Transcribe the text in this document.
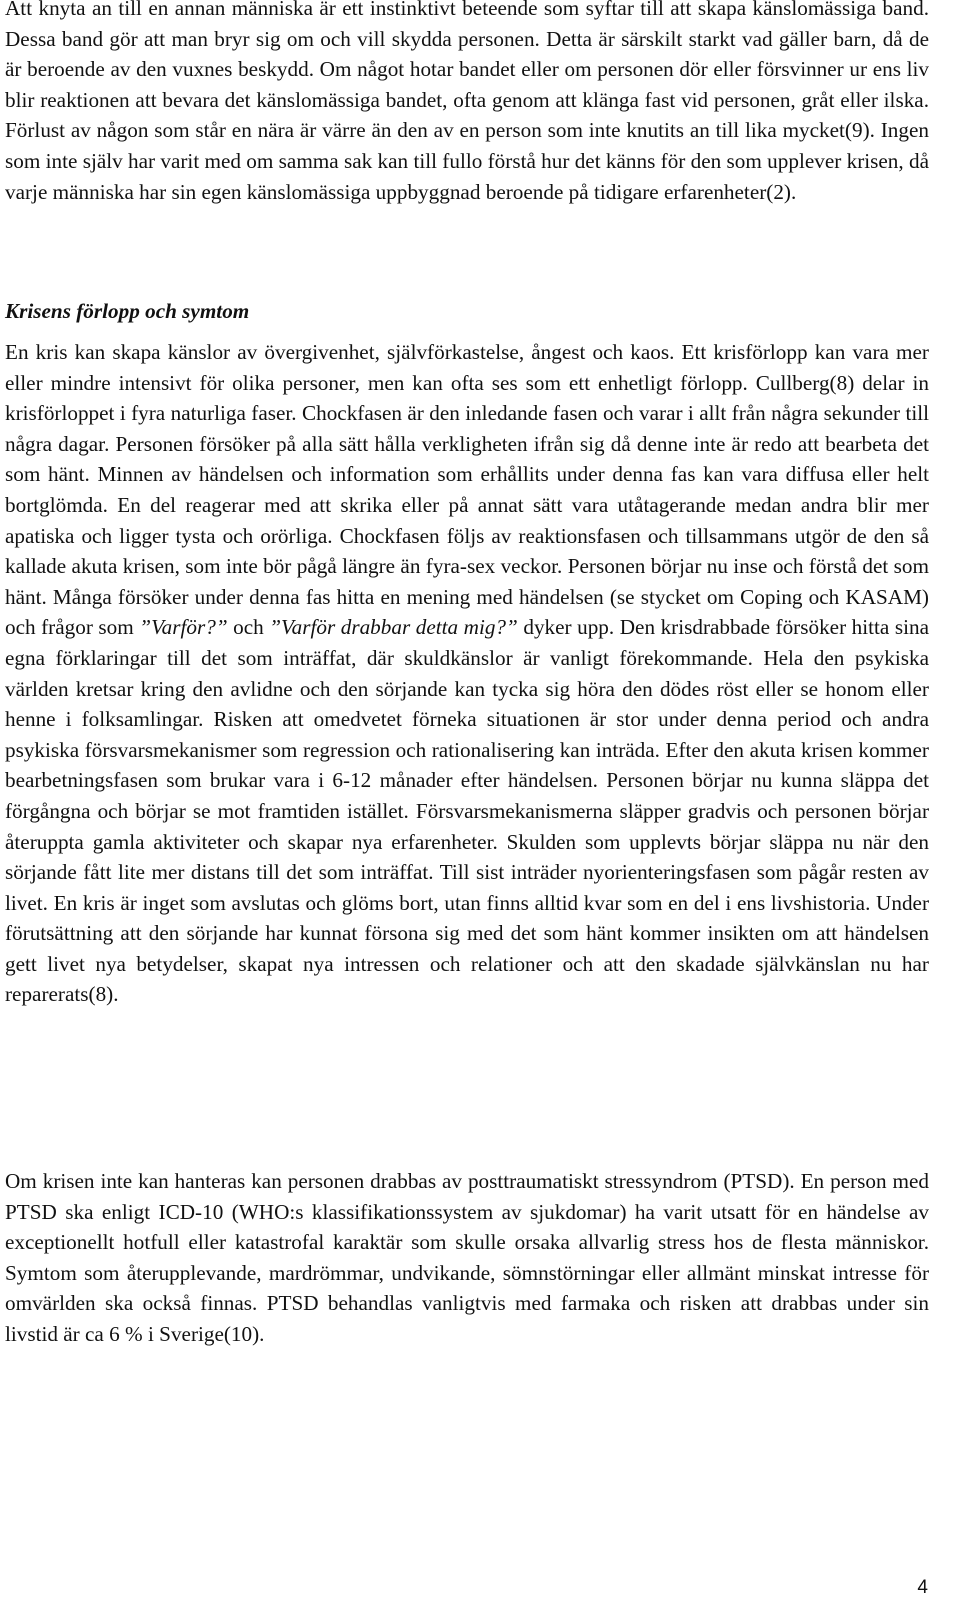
Att knyta an till en annan människa är ett instinktivt beteende som syftar till att skapa känslomässiga band. Dessa band gör att man bryr sig om och vill skydda personen. Detta är särskilt starkt vad gäller barn, då de är beroende av den vuxnes beskydd. Om något hotar bandet eller om personen dör eller försvinner ur ens liv blir reaktionen att bevara det känslomässiga bandet, ofta genom att klänga fast vid personen, gråt eller ilska. Förlust av någon som står en nära är värre än den av en person som inte knutits an till lika mycket(9). Ingen som inte själv har varit med om samma sak kan till fullo förstå hur det känns för den som upplever krisen, då varje människa har sin egen känslomässiga uppbyggnad beroende på tidigare erfarenheter(2).

Krisens förlopp och symtom

En kris kan skapa känslor av övergivenhet, självförkastelse, ångest och kaos. Ett krisförlopp kan vara mer eller mindre intensivt för olika personer, men kan ofta ses som ett enhetligt förlopp. Cullberg(8) delar in krisförloppet i fyra naturliga faser. Chockfasen är den inledande fasen och varar i allt från några sekunder till några dagar. Personen försöker på alla sätt hålla verkligheten ifrån sig då denne inte är redo att bearbeta det som hänt. Minnen av händelsen och information som erhållits under denna fas kan vara diffusa eller helt bortglömda. En del reagerar med att skrika eller på annat sätt vara utåtagerande medan andra blir mer apatiska och ligger tysta och orörliga. Chockfasen följs av reaktionsfasen och tillsammans utgör de den så kallade akuta krisen, som inte bör pågå längre än fyra-sex veckor. Personen börjar nu inse och förstå det som hänt. Många försöker under denna fas hitta en mening med händelsen (se stycket om Coping och KASAM) och frågor som ”Varför?” och ”Varför drabbar detta mig?” dyker upp. Den krisdrabbade försöker hitta sina egna förklaringar till det som inträffat, där skuldkänslor är vanligt förekommande. Hela den psykiska världen kretsar kring den avlidne och den sörjande kan tycka sig höra den dödes röst eller se honom eller henne i folksamlingar. Risken att omedvetet förneka situationen är stor under denna period och andra psykiska försvarsmekanismer som regression och rationalisering kan inträda. Efter den akuta krisen kommer bearbetningsfasen som brukar vara i 6-12 månader efter händelsen. Personen börjar nu kunna släppa det förgångna och börjar se mot framtiden istället. Försvarsmekanismerna släpper gradvis och personen börjar återuppta gamla aktiviteter och skapar nya erfarenheter. Skulden som upplevts börjar släppa nu när den sörjande fått lite mer distans till det som inträffat. Till sist inträder nyorienteringsfasen som pågår resten av livet. En kris är inget som avslutas och glöms bort, utan finns alltid kvar som en del i ens livshistoria. Under förutsättning att den sörjande har kunnat försona sig med det som hänt kommer insikten om att händelsen gett livet nya betydelser, skapat nya intressen och relationer och att den skadade självkänslan nu har reparerats(8).

Om krisen inte kan hanteras kan personen drabbas av posttraumatiskt stressyndrom (PTSD). En person med PTSD ska enligt ICD-10 (WHO:s klassifikationssystem av sjukdomar) ha varit utsatt för en händelse av exceptionellt hotfull eller katastrofal karaktär som skulle orsaka allvarlig stress hos de flesta människor. Symtom som återupplevande, mardrömmar, undvikande, sömnstörningar eller allmänt minskat intresse för omvärlden ska också finnas. PTSD behandlas vanligtvis med farmaka och risken att drabbas under sin livstid är ca 6 % i Sverige(10).

4
